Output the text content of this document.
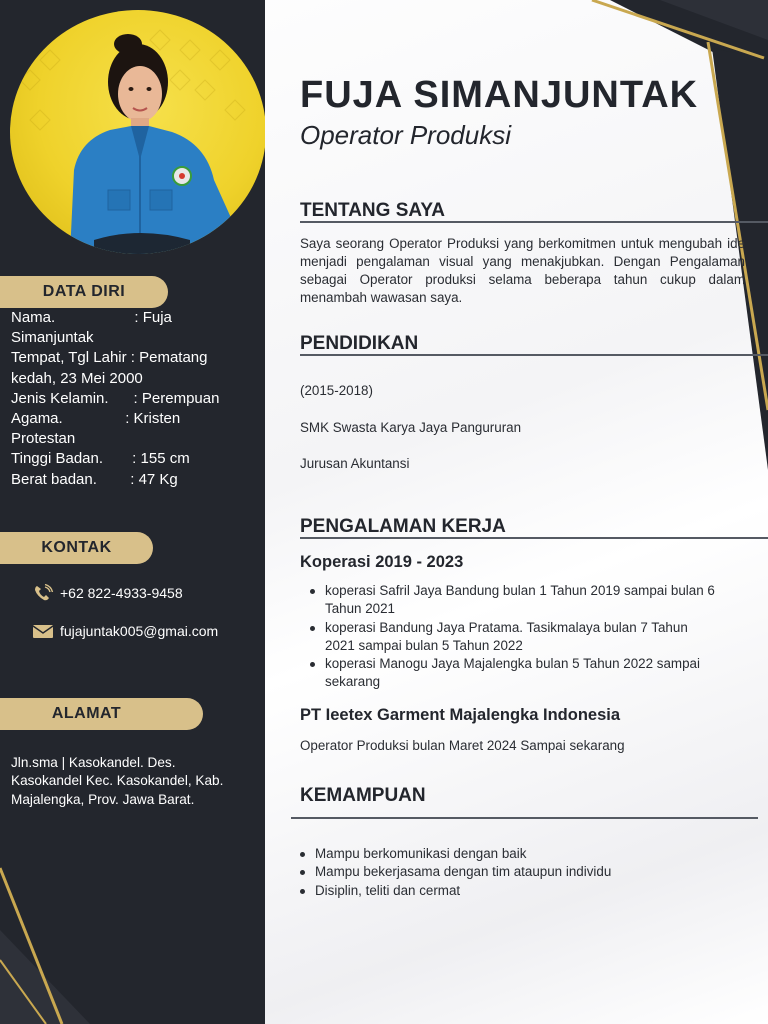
DATA DIRI

Nama.                   : Fuja

Simanjuntak

Tempat, Tgl Lahir : Pematang

kedah, 23 Mei 2000

Jenis Kelamin.      : Perempuan

Agama.               : Kristen

Protestan

Tinggi Badan.       : 155 cm

Berat badan.        : 47 Kg

KONTAK
+62 822-4933-9458
fujajuntak005@gmai.com
ALAMAT

Jln.sma | Kasokandel. Des.

Kasokandel Kec. Kasokandel, Kab.

Majalengka, Prov. Jawa Barat.

FUJA SIMANJUNTAK
Operator Produksi
TENTANG SAYA
Saya seorang Operator Produksi yang berkomitmen untuk mengubah ide menjadi pengalaman visual yang menakjubkan. Dengan Pengalaman sebagai Operator produksi selama beberapa tahun cukup dalam menambah wawasan saya.
PENDIDIKAN
(2015-2018)
SMK Swasta Karya Jaya Pangururan
Jurusan Akuntansi
PENGALAMAN KERJA
Koperasi 2019 - 2023
koperasi Safril Jaya Bandung bulan 1 Tahun 2019 sampai bulan 6 Tahun 2021
koperasi Bandung Jaya Pratama. Tasikmalaya bulan 7 Tahun 2021 sampai bulan 5 Tahun 2022
koperasi Manogu Jaya Majalengka bulan 5 Tahun 2022 sampai sekarang
PT Ieetex Garment Majalengka Indonesia
Operator Produksi bulan Maret 2024 Sampai sekarang
KEMAMPUAN
Mampu berkomunikasi dengan baik
Mampu bekerjasama dengan tim ataupun individu
Disiplin, teliti dan cermat
